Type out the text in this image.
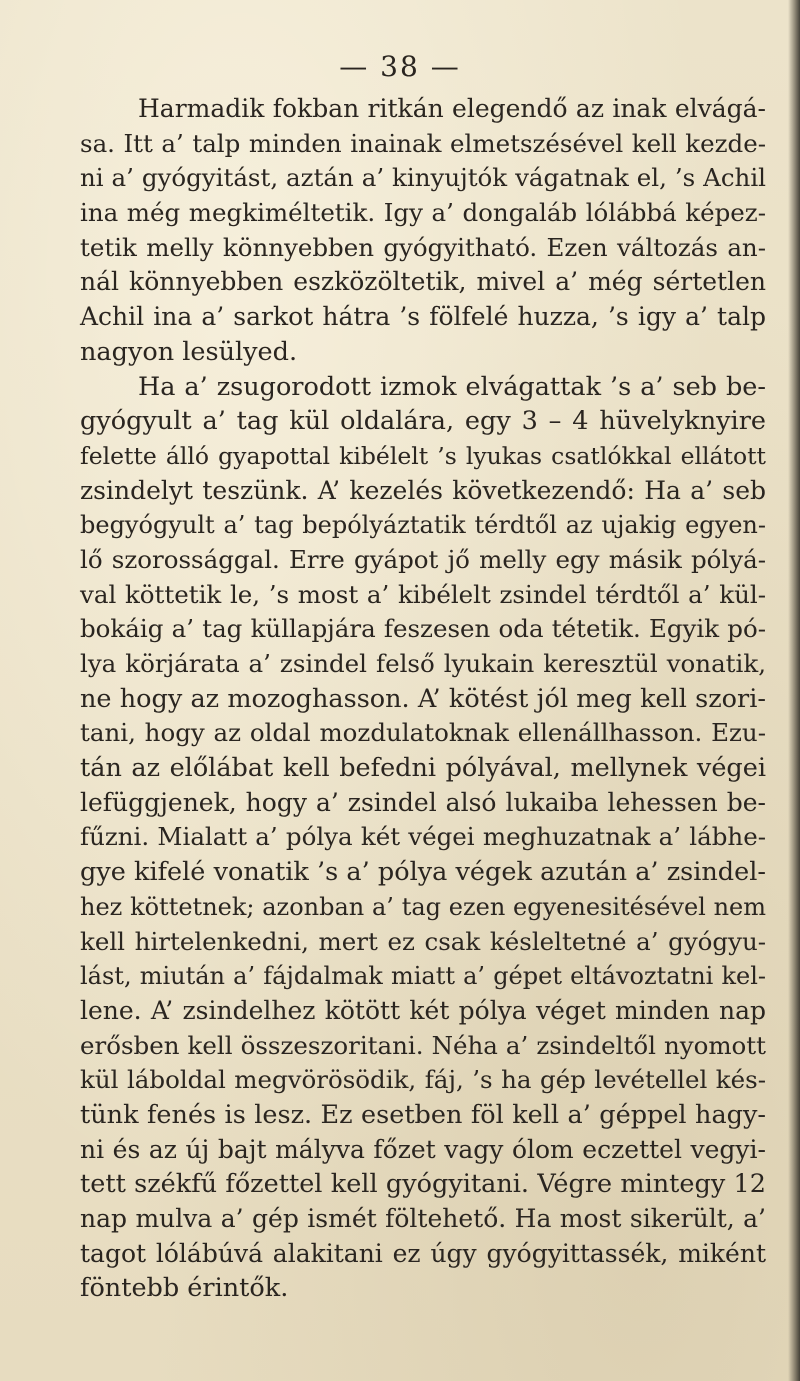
— 38 —
Harmadik fokban ritkán elegendő az inak elvágá-
sa. Itt a’ talp minden inainak elmetszésével kell kezde-
ni a’ gyógyitást, aztán a’ kinyujtók vágatnak el, ’s Achil
ina még megkiméltetik. Igy a’ dongaláb lólábbá képez-
tetik melly könnyebben gyógyitható. Ezen változás an-
nál könnyebben eszközöltetik, mivel a’ még sértetlen
Achil ina a’ sarkot hátra ’s fölfelé huzza, ’s igy a’ talp
nagyon lesülyed.
Ha a’ zsugorodott izmok elvágattak ’s a’ seb be-
gyógyult a’ tag kül oldalára, egy 3 – 4 hüvelyknyire
felette álló gyapottal kibélelt ’s lyukas csatlókkal ellátott
zsindelyt teszünk. A’ kezelés következendő: Ha a’ seb
begyógyult a’ tag bepólyáztatik térdtől az ujakig egyen-
lő szorossággal. Erre gyápot jő melly egy másik pólyá-
val köttetik le, ’s most a’ kibélelt zsindel térdtől a’ kül-
bokáig a’ tag küllapjára feszesen oda tétetik. Egyik pó-
lya körjárata a’ zsindel felső lyukain keresztül vonatik,
ne hogy az mozoghasson. A’ kötést jól meg kell szori-
tani, hogy az oldal mozdulatoknak ellenállhasson. Ezu-
tán az előlábat kell befedni pólyával, mellynek végei
lefüggjenek, hogy a’ zsindel alsó lukaiba lehessen be-
fűzni. Mialatt a’ pólya két végei meghuzatnak a’ lábhe-
gye kifelé vonatik ’s a’ pólya végek azután a’ zsindel-
hez köttetnek; azonban a’ tag ezen egyenesitésével nem
kell hirtelenkedni, mert ez csak késleltetné a’ gyógyu-
lást, miután a’ fájdalmak miatt a’ gépet eltávoztatni kel-
lene. A’ zsindelhez kötött két pólya véget minden nap
erősben kell összeszoritani. Néha a’ zsindeltől nyomott
kül láboldal megvörösödik, fáj, ’s ha gép levétellel kés-
tünk fenés is lesz. Ez esetben föl kell a’ géppel hagy-
ni és az új bajt mályva főzet vagy ólom eczettel vegyi-
tett székfű főzettel kell gyógyitani. Végre mintegy 12
nap mulva a’ gép ismét föltehető. Ha most sikerült, a’
tagot lólábúvá alakitani ez úgy gyógyittassék, miként
föntebb érintők.
